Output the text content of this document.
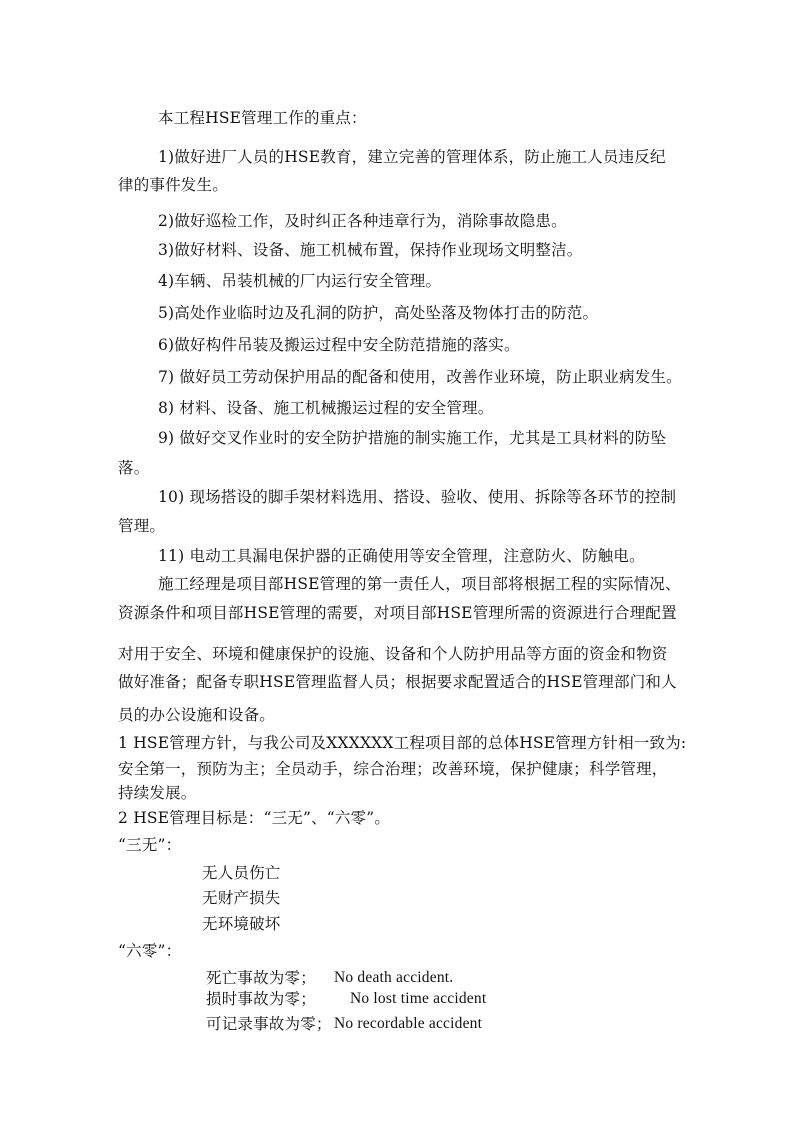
本工程HSE管理工作的重点：
1)做好进厂人员的HSE教育，建立完善的管理体系，防止施工人员违反纪
律的事件发生。
2)做好巡检工作，及时纠正各种违章行为，消除事故隐患。
3)做好材料、设备、施工机械布置，保持作业现场文明整洁。
4)车辆、吊装机械的厂内运行安全管理。
5)高处作业临时边及孔洞的防护，高处坠落及物体打击的防范。
6)做好构件吊装及搬运过程中安全防范措施的落实。
7) 做好员工劳动保护用品的配备和使用，改善作业环境，防止职业病发生。
8) 材料、设备、施工机械搬运过程的安全管理。
9) 做好交叉作业时的安全防护措施的制实施工作，尤其是工具材料的防坠
落。
10) 现场搭设的脚手架材料选用、搭设、验收、使用、拆除等各环节的控制
管理。
11) 电动工具漏电保护器的正确使用等安全管理，注意防火、防触电。
施工经理是项目部HSE管理的第一责任人，项目部将根据工程的实际情况、
资源条件和项目部HSE管理的需要，对项目部HSE管理所需的资源进行合理配置
对用于安全、环境和健康保护的设施、设备和个人防护用品等方面的资金和物资
做好准备；配备专职HSE管理监督人员；根据要求配置适合的HSE管理部门和人
员的办公设施和设备。
1 HSE管理方针，与我公司及XXXXXX工程项目部的总体HSE管理方针相一致为:
安全第一，预防为主；全员动手，综合治理；改善环境，保护健康；科学管理，
持续发展。
2 HSE管理目标是：“三无”、“六零”。
“三无”：
无人员伤亡
无财产损失
无环境破坏
“六零”：
死亡事故为零； No death accident.
损时事故为零； No lost time accident
可记录事故为零； No recordable accident
